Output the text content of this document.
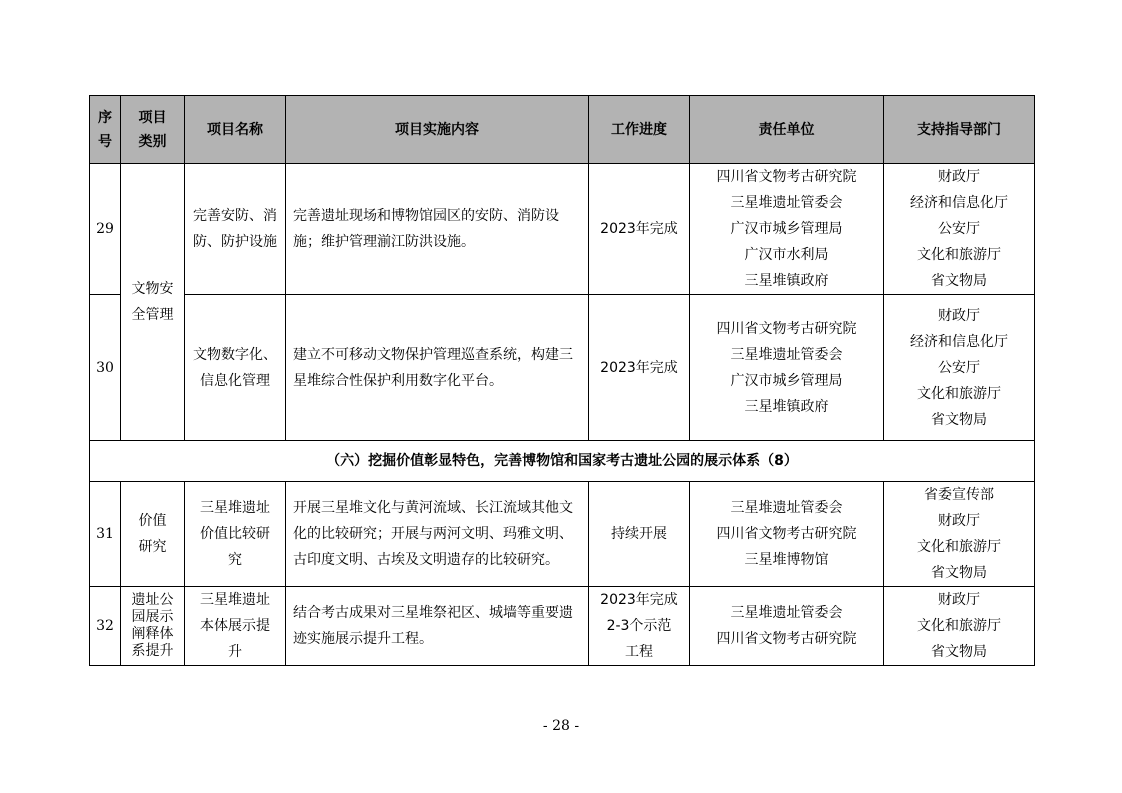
序
号	项目
类别	项目名称	项目实施内容	工作进度	责任单位	支持指导部门
29	文物安
全管理	完善安防、消
防、防护设施	完善遗址现场和博物馆园区的安防、消防设施；维护管理湔江防洪设施。	2023年完成	四川省文物考古研究院
三星堆遗址管委会
广汉市城乡管理局
广汉市水利局
三星堆镇政府	财政厅
经济和信息化厅
公安厅
文化和旅游厅
省文物局

30		文物数字化、
信息化管理	建立不可移动文物保护管理巡查系统，构建三星堆综合性保护利用数字化平台。	2023年完成	四川省文物考古研究院
三星堆遗址管委会
广汉市城乡管理局
三星堆镇政府	财政厅
经济和信息化厅
公安厅
文化和旅游厅
省文物局

（六）挖掘价值彰显特色，完善博物馆和国家考古遗址公园的展示体系（8）						
31	价值
研究	三星堆遗址
价值比较研
究	开展三星堆文化与黄河流域、长江流域其他文化的比较研究；开展与两河文明、玛雅文明、古印度文明、古埃及文明遗存的比较研究。	持续开展	三星堆遗址管委会
四川省文物考古研究院
三星堆博物馆	省委宣传部
财政厅
文化和旅游厅
省文物局

32	遗址公
园展示
阐释体
系提升	三星堆遗址
本体展示提
升	结合考古成果对三星堆祭祀区、城墙等重要遗迹实施展示提升工程。	2023年完成
2-3个示范
工程	三星堆遗址管委会
四川省文物考古研究院	财政厅
文化和旅游厅
省文物局
- 28 -
